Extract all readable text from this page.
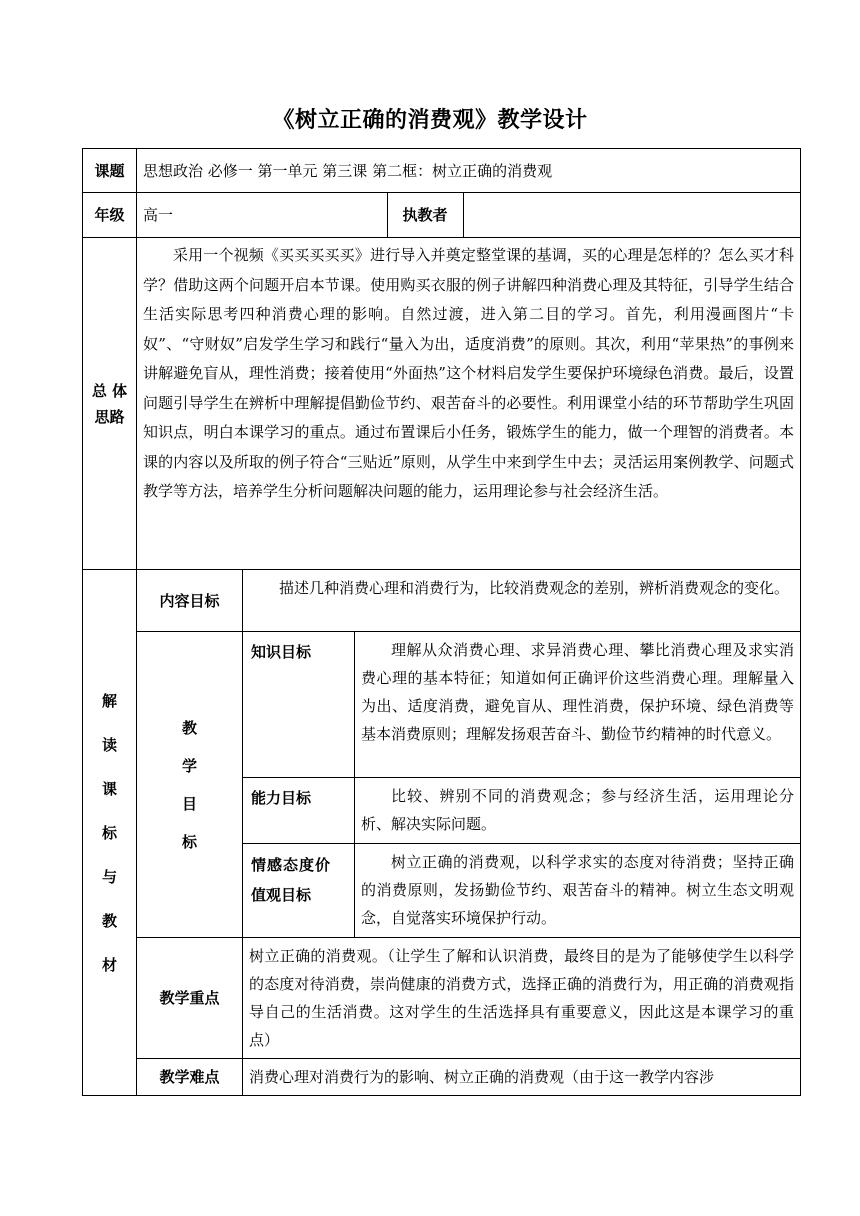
《树立正确的消费观》教学设计
课题	思想政治 必修一 第一单元 第三课 第二框：树立正确的消费观
年级	高一	执教者	

总 体
思路
	采用一个视频《买买买买买》进行导入并奠定整堂课的基调，买的心理是怎样的？怎么买才科学？借助这两个问题开启本节课。使用购买衣服的例子讲解四种消费心理及其特征，引导学生结合生活实际思考四种消费心理的影响。自然过渡，进入第二目的学习。首先，利用漫画图片“卡奴”、“守财奴”启发学生学习和践行“量入为出，适度消费”的原则。其次，利用“苹果热”的事例来讲解避免盲从，理性消费；接着使用“外面热”这个材料启发学生要保护环境绿色消费。最后，设置问题引导学生在辨析中理解提倡勤俭节约、艰苦奋斗的必要性。利用课堂小结的环节帮助学生巩固知识点，明白本课学习的重点。通过布置课后小任务，锻炼学生的能力，做一个理智的消费者。本课的内容以及所取的例子符合“三贴近”原则，从学生中来到学生中去；灵活运用案例教学、问题式教学等方法，培养学生分析问题解决问题的能力，运用理论参与社会经济生活。

解
读
课
标
与
教
材
	内容目标	描述几种消费心理和消费行为，比较消费观念的差别，辨析消费观念的变化。

教
学
目
标
	知识目标	理解从众消费心理、求异消费心理、攀比消费心理及求实消费心理的基本特征；知道如何正确评价这些消费心理。理解量入为出、适度消费，避免盲从、理性消费，保护环境、绿色消费等基本消费原则；理解发扬艰苦奋斗、勤俭节约精神的时代意义。
能力目标	比较、辨别不同的消费观念；参与经济生活，运用理论分析、解决实际问题。

情感态度价
值观目标
	树立正确的消费观，以科学求实的态度对待消费；坚持正确的消费原则，发扬勤俭节约、艰苦奋斗的精神。树立生态文明观念，自觉落实环境保护行动。
教学重点	树立正确的消费观。（让学生了解和认识消费，最终目的是为了能够使学生以科学的态度对待消费，崇尚健康的消费方式，选择正确的消费行为，用正确的消费观指导自己的生活消费。这对学生的生活选择具有重要意义，因此这是本课学习的重点）
教学难点	消费心理对消费行为的影响、树立正确的消费观（由于这一教学内容涉
